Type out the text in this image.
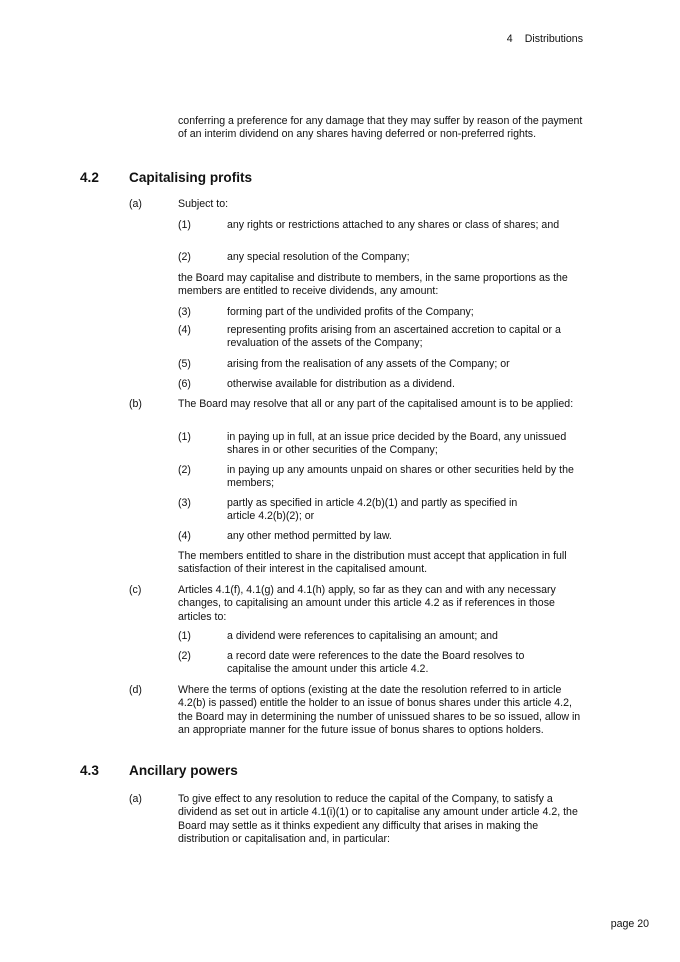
4 Distributions
conferring a preference for any damage that they may suffer by reason of the payment of an interim dividend on any shares having deferred or non-preferred rights.
4.2 Capitalising profits
(a)	Subject to:
(1)	any rights or restrictions attached to any shares or class of shares; and
(2)	any special resolution of the Company;
the Board may capitalise and distribute to members, in the same proportions as the members are entitled to receive dividends, any amount:
(3)	forming part of the undivided profits of the Company;
(4)	representing profits arising from an ascertained accretion to capital or a revaluation of the assets of the Company;
(5)	arising from the realisation of any assets of the Company; or
(6)	otherwise available for distribution as a dividend.
(b)	The Board may resolve that all or any part of the capitalised amount is to be applied:
(1)	in paying up in full, at an issue price decided by the Board, any unissued shares in or other securities of the Company;
(2)	in paying up any amounts unpaid on shares or other securities held by the members;
(3)	partly as specified in article 4.2(b)(1) and partly as specified in article 4.2(b)(2); or
(4)	any other method permitted by law.
The members entitled to share in the distribution must accept that application in full satisfaction of their interest in the capitalised amount.
(c)	Articles 4.1(f), 4.1(g) and 4.1(h) apply, so far as they can and with any necessary changes, to capitalising an amount under this article 4.2 as if references in those articles to:
(1)	a dividend were references to capitalising an amount; and
(2)	a record date were references to the date the Board resolves to capitalise the amount under this article 4.2.
(d)	Where the terms of options (existing at the date the resolution referred to in article 4.2(b) is passed) entitle the holder to an issue of bonus shares under this article 4.2, the Board may in determining the number of unissued shares to be so issued, allow in an appropriate manner for the future issue of bonus shares to options holders.
4.3 Ancillary powers
(a)	To give effect to any resolution to reduce the capital of the Company, to satisfy a dividend as set out in article 4.1(i)(1) or to capitalise any amount under article 4.2, the Board may settle as it thinks expedient any difficulty that arises in making the distribution or capitalisation and, in particular:
page 20
